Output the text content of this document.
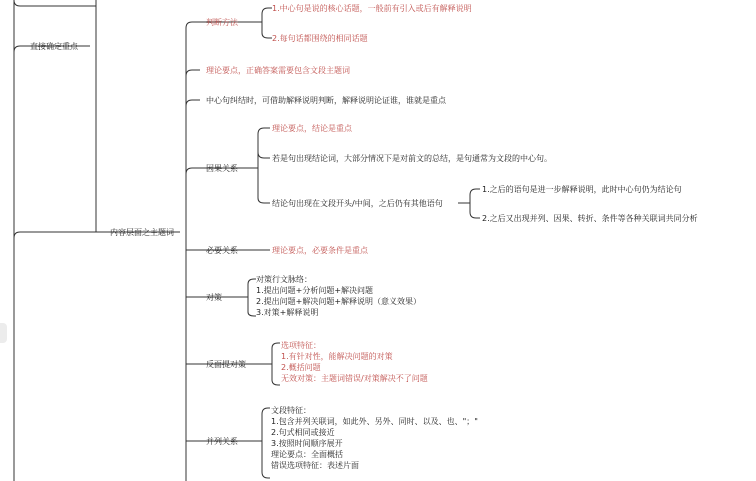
直接确定重点
内容层面之主题词
判断方法
1.中心句是说的核心话题，一般前有引入或后有解释说明
2.每句话都围绕的相同话题
理论要点，正确答案需要包含文段主题词
中心句纠结时，可借助解释说明判断，解释说明论证谁，谁就是重点
因果关系
理论要点，结论是重点
若是句出现结论词，大部分情况下是对前文的总结，是句通常为文段的中心句。
结论句出现在文段开头/中间，之后仍有其他语句
1.之后的语句是进一步解释说明，此时中心句仍为结论句
2.之后又出现并列、因果、转折、条件等各种关联词共同分析
必要关系	理论要点，必要条件是重点
对策
对策行文脉络：
1.提出问题+分析问题+解决问题
2.提出问题+解决问题+解释说明（意义效果）
3.对策+解释说明
反面提对策
选项特征：
1.有针对性，能解决问题的对策
2.概括问题
无效对策：主题词错误/对策解决不了问题
并列关系
文段特征：
1.包含并列关联词，如此外、另外、同时、以及、也、"；"
2.句式相同或接近
3.按照时间顺序展开
理论要点：全面概括
错误选项特征：表述片面
